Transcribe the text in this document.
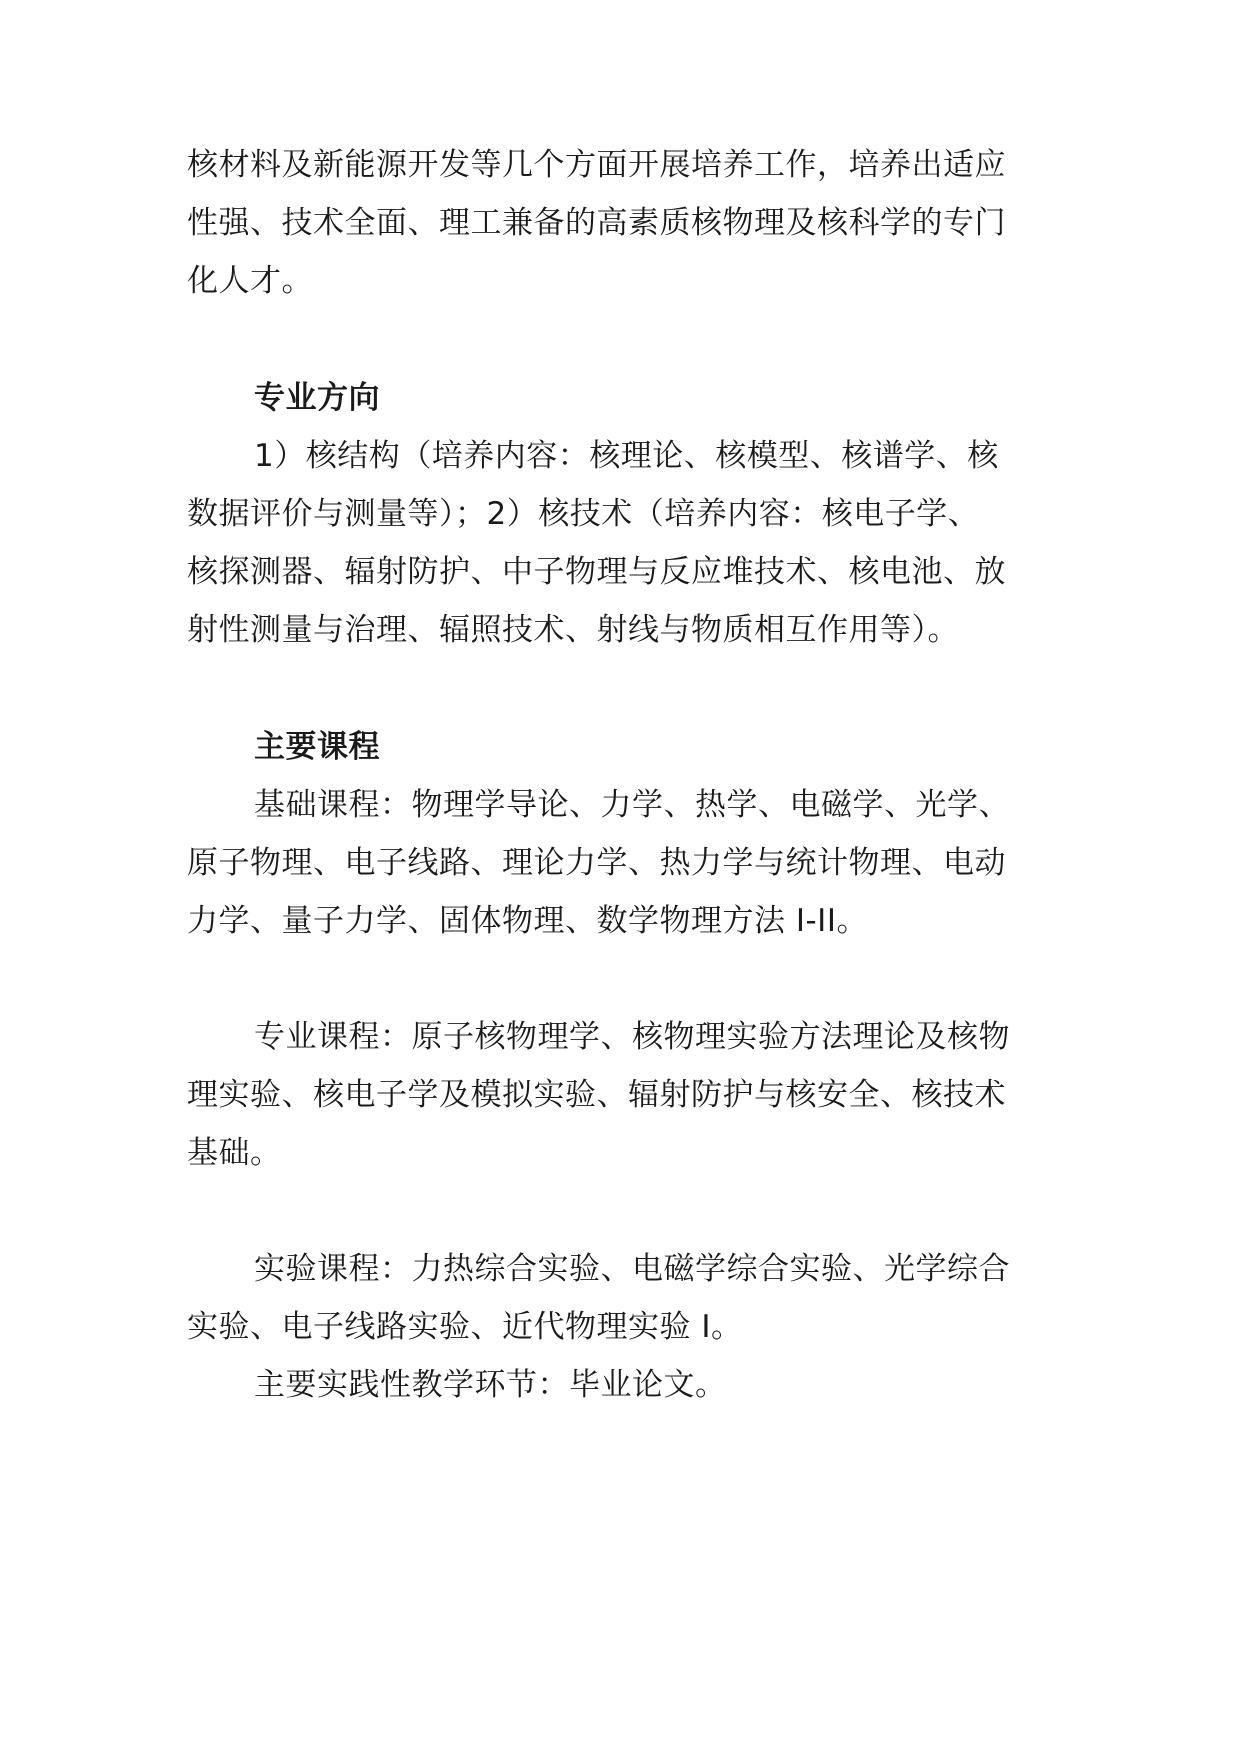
核材料及新能源开发等几个方面开展培养工作，培养出适应
性强、技术全面、理工兼备的高素质核物理及核科学的专门
化人才。
专业方向
1）核结构（培养内容：核理论、核模型、核谱学、核
数据评价与测量等）；2）核技术（培养内容：核电子学、
核探测器、辐射防护、中子物理与反应堆技术、核电池、放
射性测量与治理、辐照技术、射线与物质相互作用等）。
主要课程
基础课程：物理学导论、力学、热学、电磁学、光学、
原子物理、电子线路、理论力学、热力学与统计物理、电动
力学、量子力学、固体物理、数学物理方法 I-II。
专业课程：原子核物理学、核物理实验方法理论及核物
理实验、核电子学及模拟实验、辐射防护与核安全、核技术
基础。
实验课程：力热综合实验、电磁学综合实验、光学综合
实验、电子线路实验、近代物理实验 I。
主要实践性教学环节：毕业论文。
